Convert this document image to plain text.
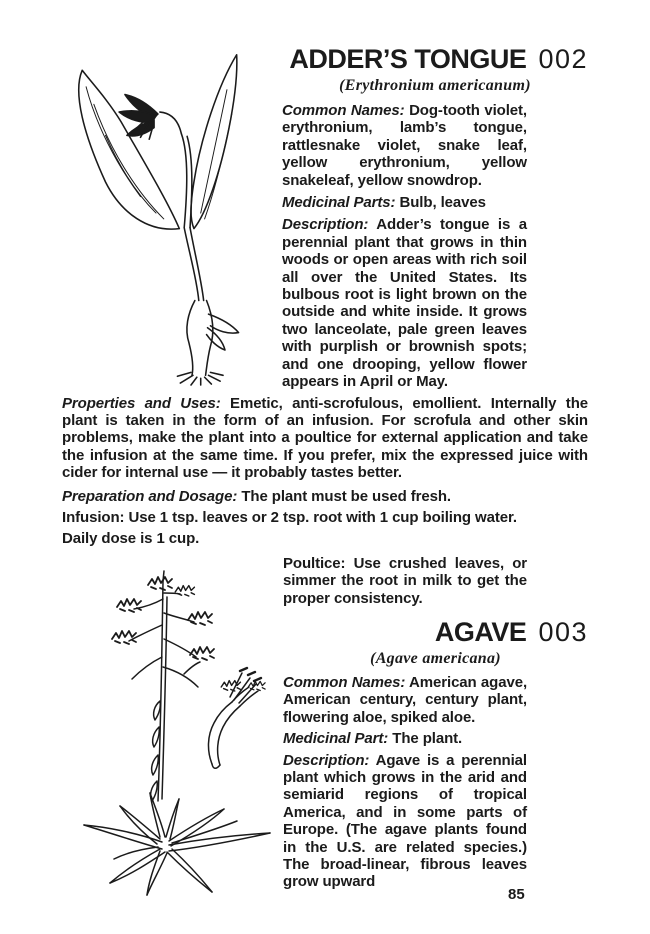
ADDER’S TONGUE 002
(Erythronium americanum)

Common Names: Dog-tooth violet, erythronium, lamb’s tongue, rattlesnake violet, snake leaf, yellow erythronium, yellow snakeleaf, yellow snowdrop.

Medicinal Parts: Bulb, leaves

Description: Adder’s tongue is a perennial plant that grows in thin woods or open areas with rich soil all over the United States. Its bulbous root is light brown on the outside and white inside. It grows two lanceolate, pale green leaves with purplish or brownish spots; and one drooping, yellow flower appears in April or May.

Properties and Uses: Emetic, anti-scrofulous, emollient. Internally the plant is taken in the form of an infusion. For scrofula and other skin problems, make the plant into a poultice for external application and take the infusion at the same time. If you prefer, mix the expressed juice with cider for internal use — it probably tastes better.

Preparation and Dosage: The plant must be used fresh.

Infusion: Use 1 tsp. leaves or 2 tsp. root with 1 cup boiling water.

Daily dose is 1 cup.

Poultice: Use crushed leaves, or simmer the root in milk to get the proper consistency.

AGAVE 003
(Agave americana)

Common Names: American agave, American century, century plant, flowering aloe, spiked aloe.

Medicinal Part: The plant.

Description: Agave is a perennial plant which grows in the arid and semiarid regions of tropical America, and in some parts of Europe. (The agave plants found in the U.S. are related species.) The broad-linear, fibrous leaves grow upward

85
